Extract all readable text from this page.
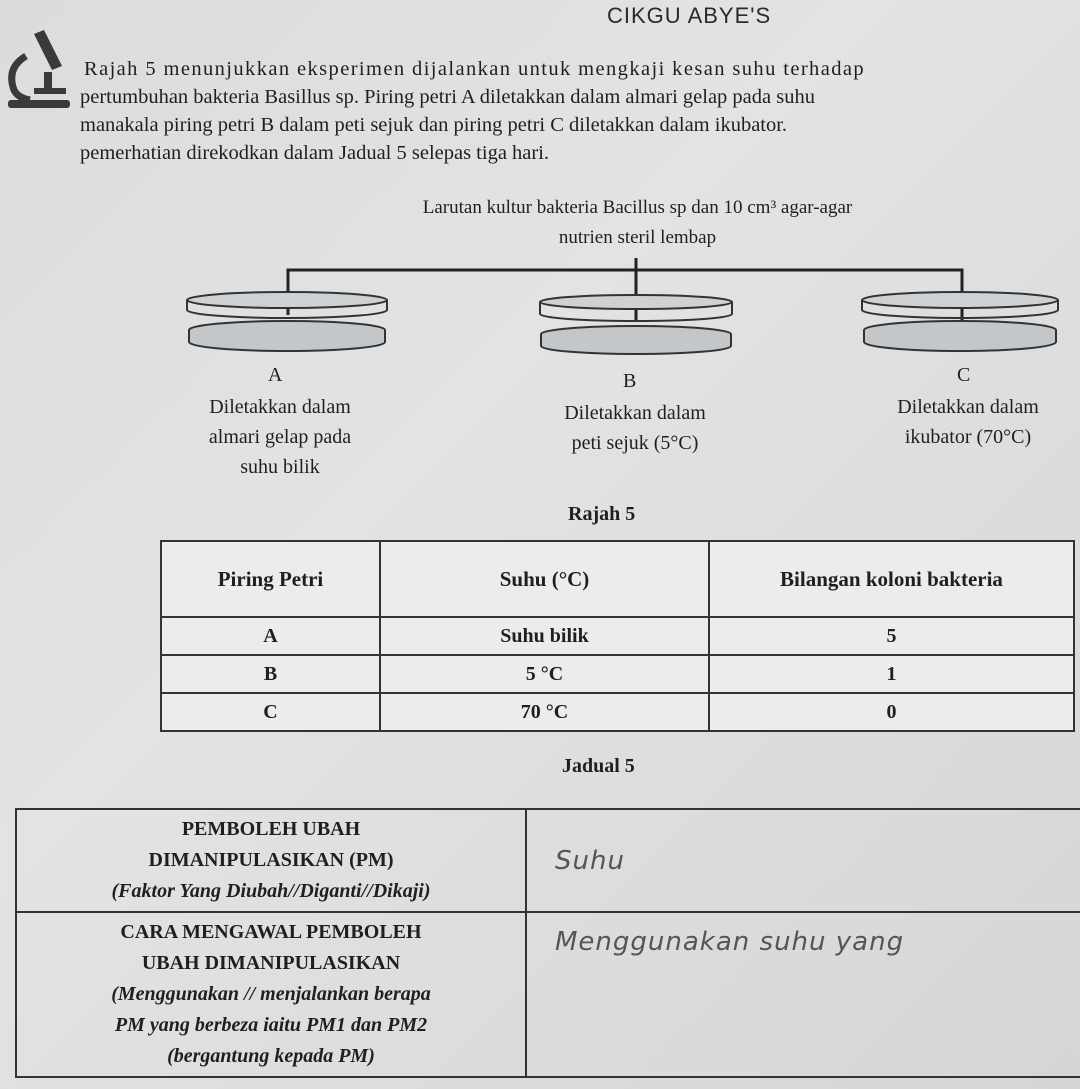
CIKGU ABYE'S

Rajah 5 menunjukkan eksperimen dijalankan untuk mengkaji kesan suhu terhadap
pertumbuhan bakteria Basillus sp. Piring petri A diletakkan dalam almari gelap pada suhu
manakala piring petri B dalam peti sejuk dan piring petri C diletakkan dalam ikubator.
pemerhatian direkodkan dalam Jadual 5 selepas tiga hari.

Larutan kultur bakteria Bacillus sp dan 10 cm³ agar-agar
nutrien steril lembap
A
Diletakkan dalam
almari gelap pada
suhu bilik
B
Diletakkan dalam
peti sejuk (5°C)
C
Diletakkan dalam
ikubator (70°C)
Rajah 5
Piring Petri	Suhu (°C)	Bilangan koloni bakteria
A	Suhu bilik	5
B	5 °C	1
C	70 °C	0
Jadual 5
PEMBOLEH UBAH
DIMANIPULASIKAN (PM)
(Faktor Yang Diubah//Diganti//Dikaji)	Suhu

CARA MENGAWAL PEMBOLEH
UBAH DIMANIPULASIKAN
(Menggunakan // menjalankan berapa
PM yang berbeza iaitu PM1 dan PM2
(bergantung kepada PM)	Menggunakan suhu yang
